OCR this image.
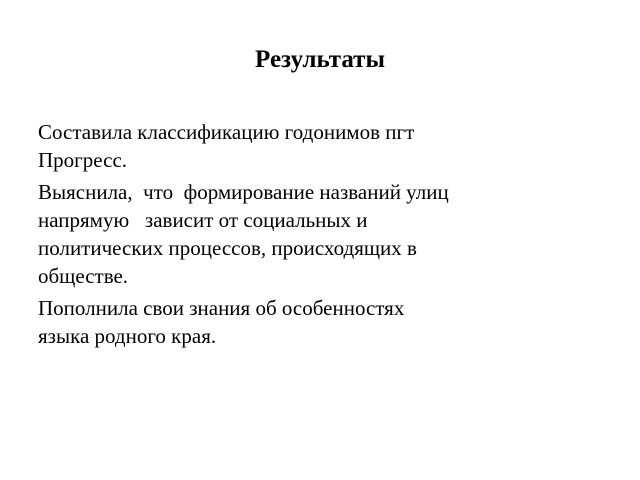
Результаты

Составила классификацию годонимов пгт
Прогресс.

Выяснила,  что  формирование названий улиц
напрямую   зависит от социальных и
политических процессов, происходящих в
обществе.

Пополнила свои знания об особенностях
языка родного края.
